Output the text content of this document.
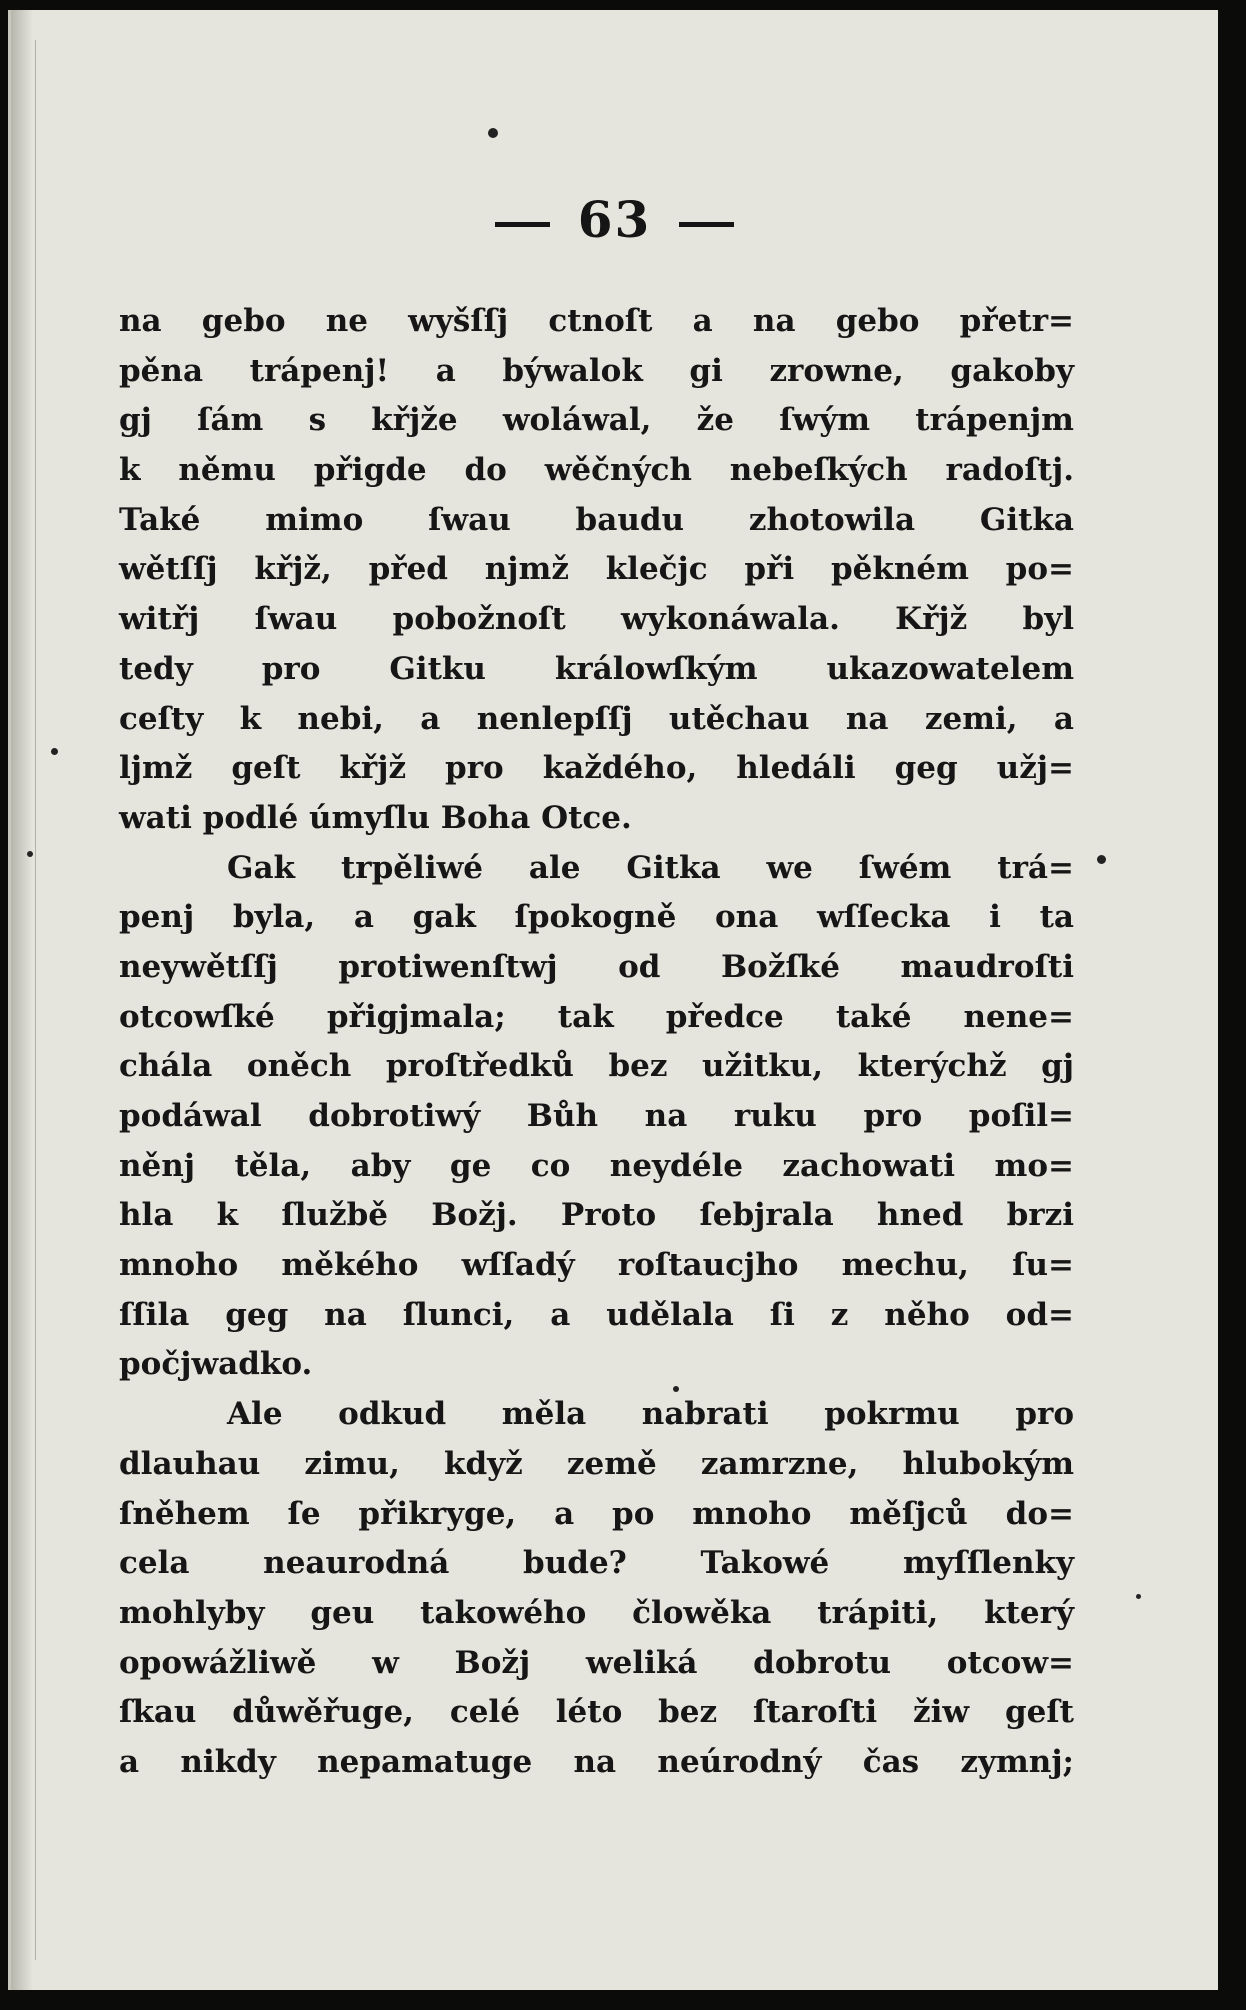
63
na gebo ne wyšſſj ctnoſt a na gebo přetr=
pěna trápenj! a býwalok gi zrowne, gakoby
gj ſám s křjže woláwal, že ſwým trápenjm
k němu přigde do wěčných nebeſkých radoſtj.
Také mimo ſwau baudu zhotowila Gitka
wětſſj křjž, před njmž klečjc při pěkném po=
witřj ſwau pobožnoſt wykonáwala. Křjž byl
tedy pro Gitku králowſkým ukazowatelem
ceſty k nebi, a nenlepſſj utěchau na zemi, a
ljmž geſt křjž pro každého, hledáli geg užj=
wati podlé úmyſlu Boha Otce.
Gak trpěliwé ale Gitka we ſwém trá=
penj byla, a gak ſpokogně ona wſſecka i ta
neywětſſj protiwenſtwj od Božſké maudroſti
otcowſké přigjmala; tak předce také nene=
chála oněch proſtředků bez užitku, kterýchž gj
podáwal dobrotiwý Bůh na ruku pro poſil=
něnj těla, aby ge co neydéle zachowati mo=
hla k ſlužbě Božj. Proto ſebjrala hned brzi
mnoho měkého wſſadý roſtaucjho mechu, ſu=
ſſila geg na ſlunci, a udělala ſi z něho od=
počjwadko.
Ale odkud měla nabrati pokrmu pro
dlauhau zimu, když země zamrzne, hlubokým
ſněhem ſe přikryge, a po mnoho měſjců do=
cela neaurodná bude? Takowé myſſlenky
mohlyby geu takowého člowěka trápiti, který
opowážliwě w Božj weliká dobrotu otcow=
ſkau důwěřuge, celé léto bez ſtaroſti žiw geſt
a nikdy nepamatuge na neúrodný čas zymnj;
